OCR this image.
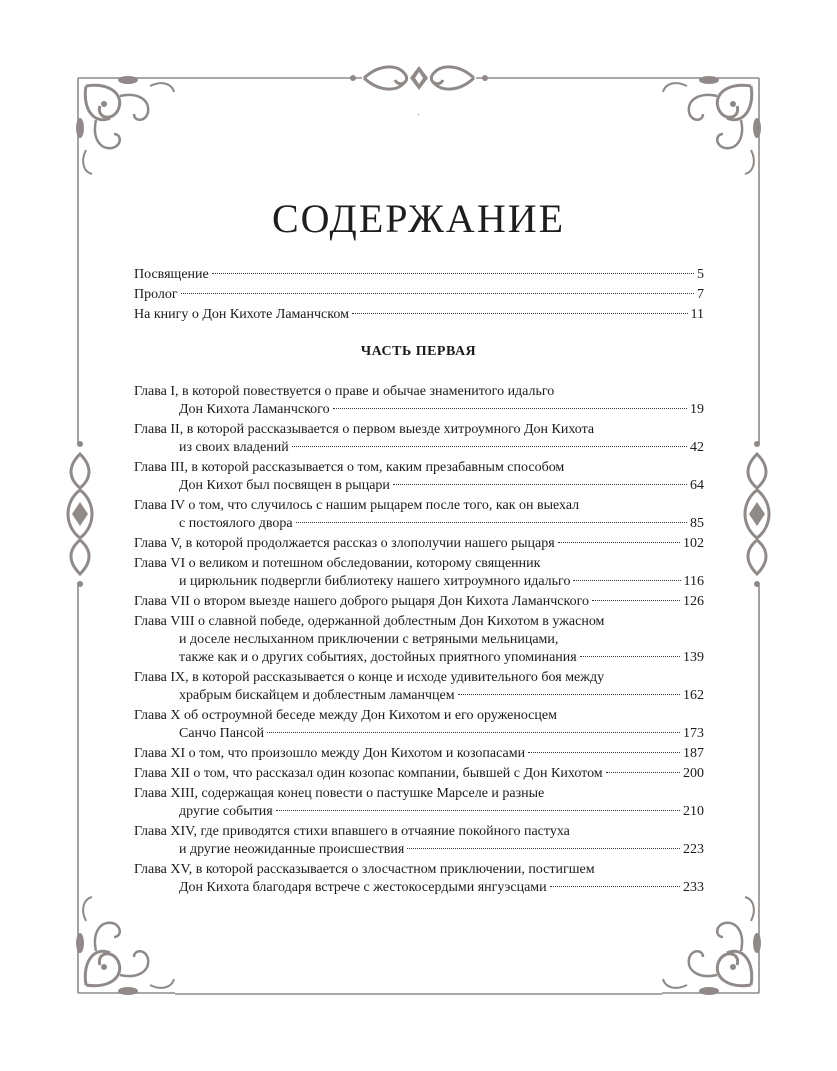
СОДЕРЖАНИЕ
Посвящение	5
Пролог	7
На книгу о Дон Кихоте Ламанчском	11
ЧАСТЬ ПЕРВАЯ
Глава I, в которой повествуется о праве и обычае знаменитого идальго
Дон Кихота Ламанчского	19
Глава II, в которой рассказывается о первом выезде хитроумного Дон Кихота
из своих владений	42
Глава III, в которой рассказывается о том, каким презабавным способом
Дон Кихот был посвящен в рыцари	64
Глава IV о том, что случилось с нашим рыцарем после того, как он выехал
с постоялого двора	85
Глава V, в которой продолжается рассказ о злополучии нашего рыцаря	102
Глава VI о великом и потешном обследовании, которому священник
и цирюльник подвергли библиотеку нашего хитроумного идальго	116
Глава VII о втором выезде нашего доброго рыцаря Дон Кихота Ламанчского	126
Глава VIII о славной победе, одержанной доблестным Дон Кихотом в ужасном
и доселе неслыханном приключении с ветряными мельницами,
также как и о других событиях, достойных приятного упоминания	139
Глава IX, в которой рассказывается о конце и исходе удивительного боя между
храбрым бискайцем и доблестным ламанчцем	162
Глава X об остроумной беседе между Дон Кихотом и его оруженосцем
Санчо Пансой	173
Глава XI о том, что произошло между Дон Кихотом и козопасами	187
Глава XII о том, что рассказал один козопас компании, бывшей с Дон Кихотом	200
Глава XIII, содержащая конец повести о пастушке Марселе и разные
другие события	210
Глава XIV, где приводятся стихи впавшего в отчаяние покойного пастуха
и другие неожиданные происшествия	223
Глава XV, в которой рассказывается о злосчастном приключении, постигшем
Дон Кихота благодаря встрече с жестокосердыми янгуэсцами	233
